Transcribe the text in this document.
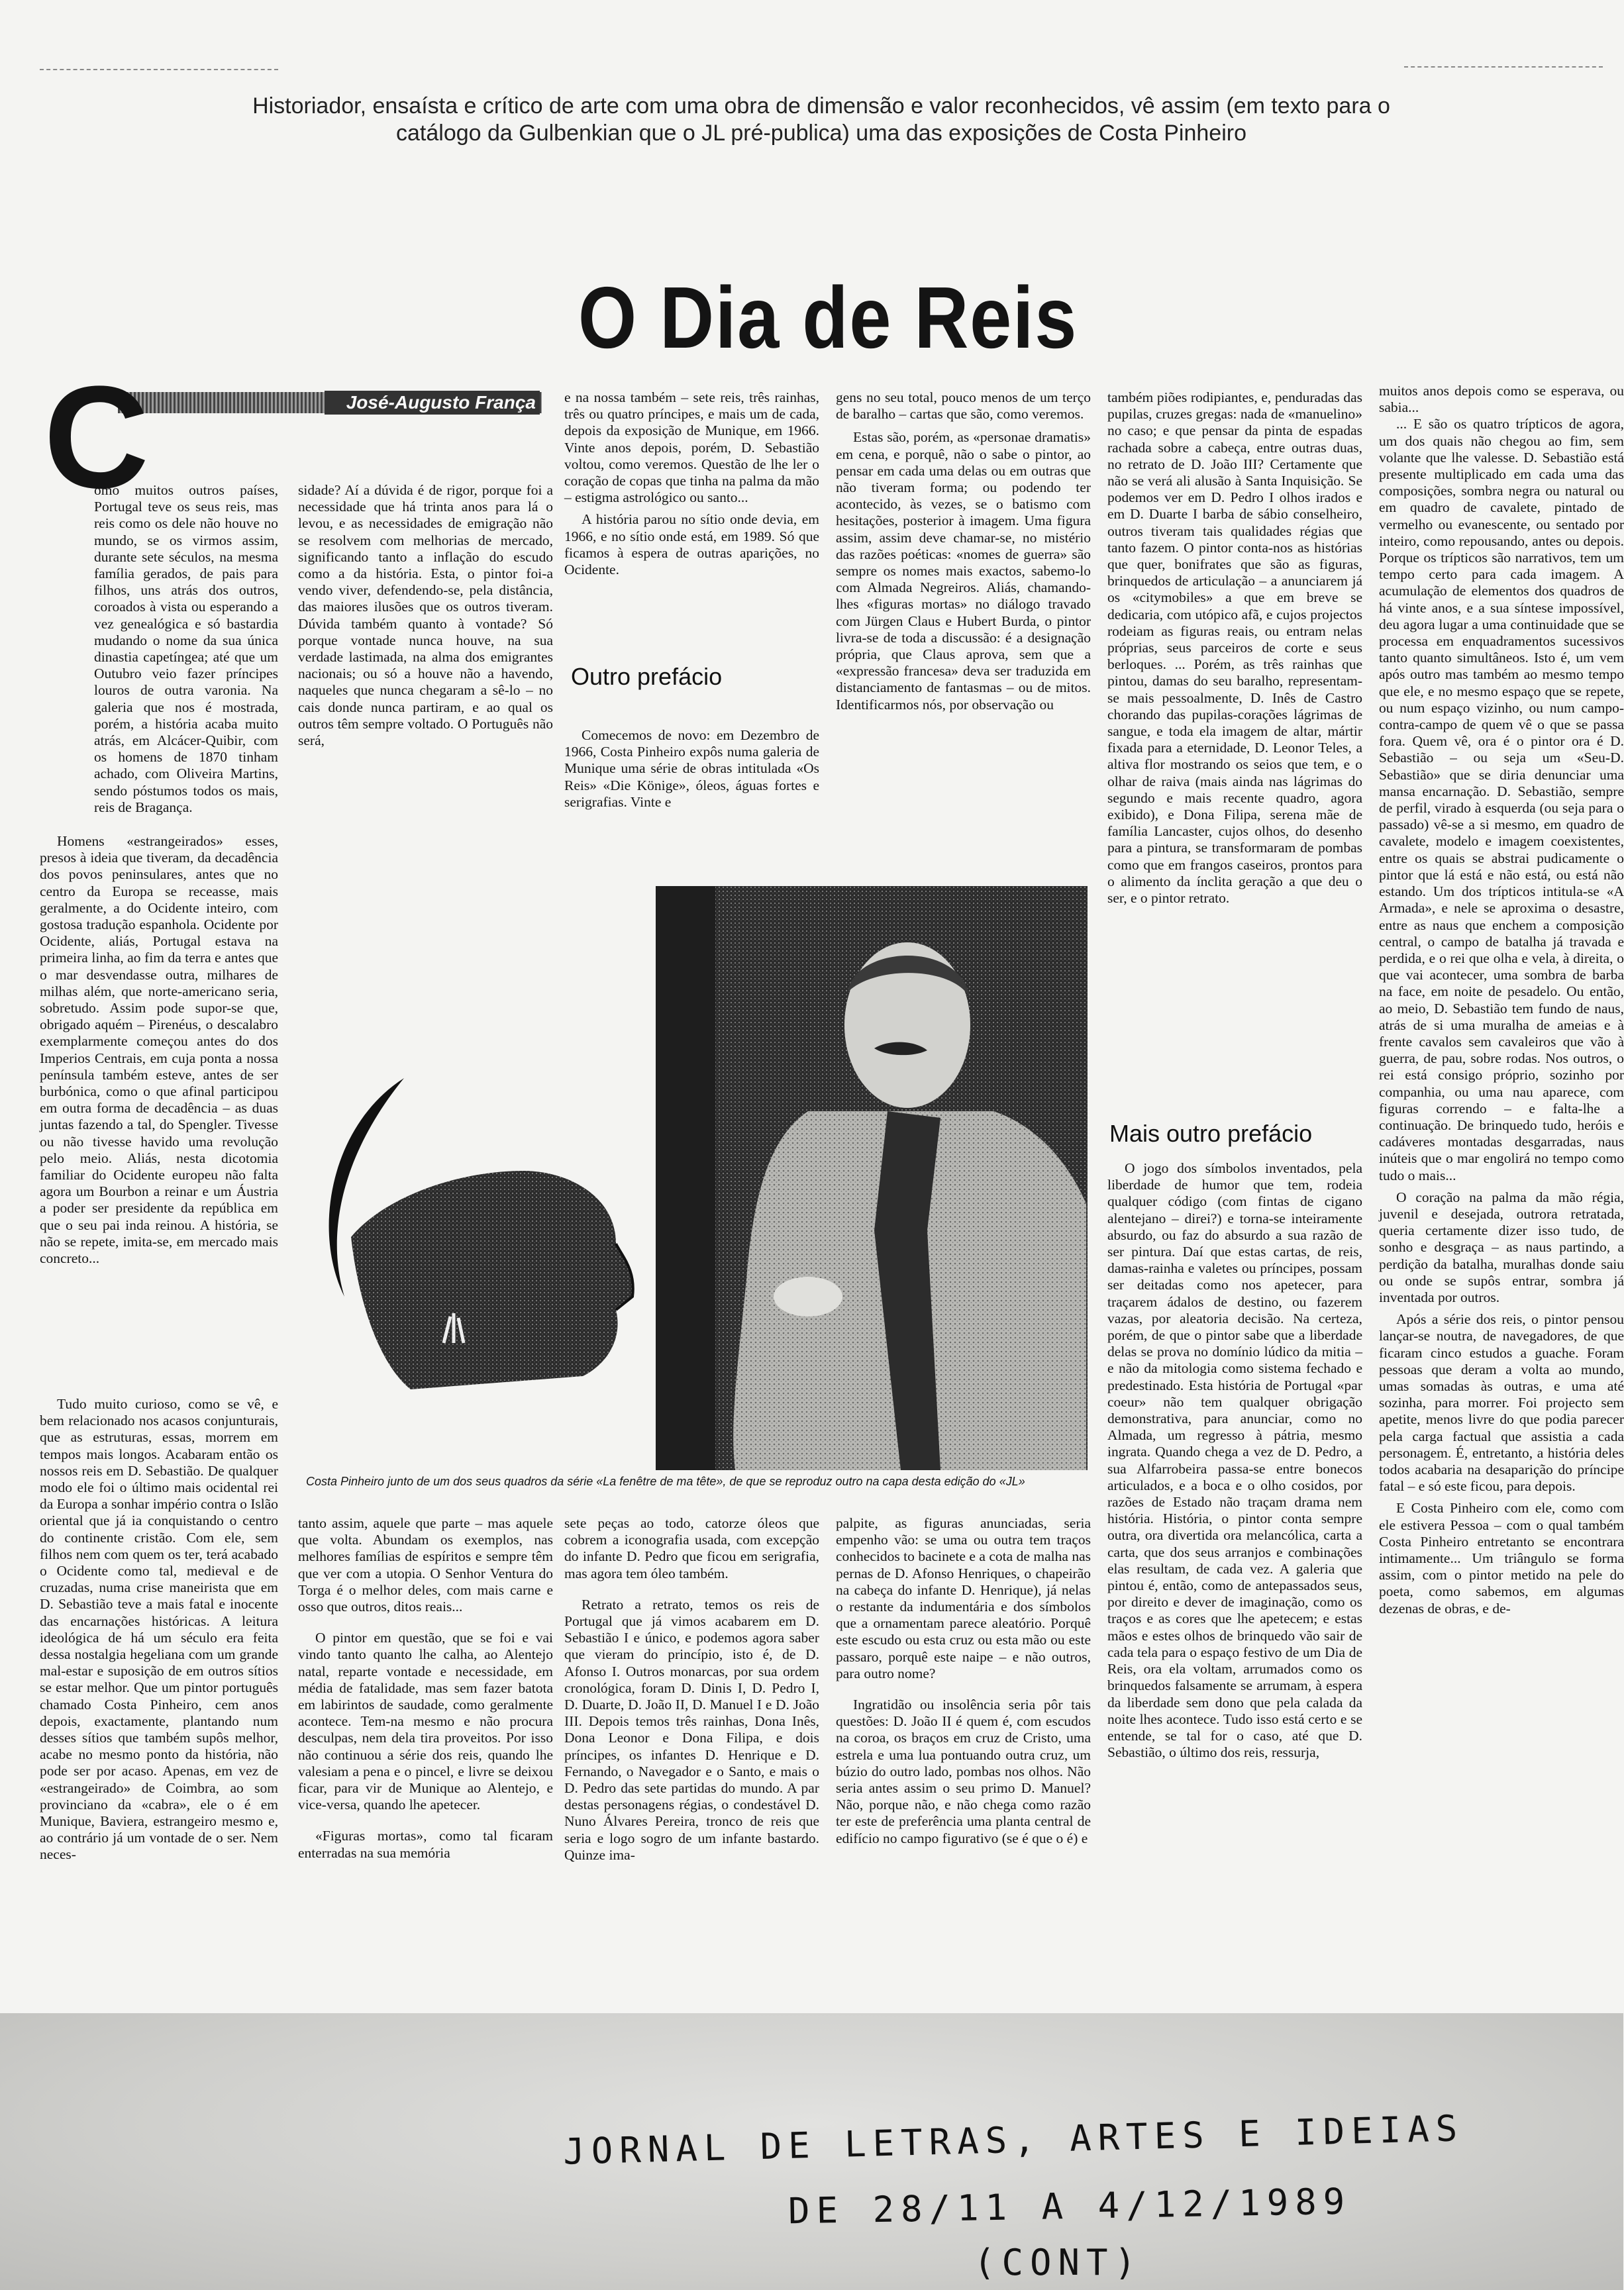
Historiador, ensaísta e crítico de arte com uma obra de dimensão e valor reconhecidos, vê assim (em texto para o catálogo da Gulbenkian que o JL pré-publica) uma das exposições de Costa Pinheiro
O Dia de Reis
José-Augusto França
C

omo muitos outros países, Portugal teve os seus reis, mas reis como os dele não houve no mundo, se os virmos assim, durante sete séculos, na mesma família gerados, de pais para filhos, uns atrás dos outros, coroados à vista ou esperando a vez genealógica e só bastardia mudando o nome da sua única dinastia capetíngea; até que um Outubro veio fazer príncipes louros de outra varonia. Na galeria que nos é mostrada, porém, a história acaba muito atrás, em Alcácer-Quibir, com os homens de 1870 tinham achado, com Oliveira Martins, sendo póstumos todos os mais, reis de Bragança.

Homens «estrangeirados» esses, presos à ideia que tiveram, da decadência dos povos peninsulares, antes que no centro da Europa se receasse, mais geralmente, a do Ocidente inteiro, com gostosa tradução espanhola. Ocidente por Ocidente, aliás, Portugal estava na primeira linha, ao fim da terra e antes que o mar desvendasse outra, milhares de milhas além, que norte-americano seria, sobretudo. Assim pode supor-se que, obrigado aquém – Pirenéus, o descalabro exemplarmente começou antes do dos Imperios Centrais, em cuja ponta a nossa península também esteve, antes de ser burbónica, como o que afinal participou em outra forma de decadência – as duas juntas fazendo a tal, do Spengler. Tivesse ou não tivesse havido uma revolução pelo meio. Aliás, nesta dicotomia familiar do Ocidente europeu não falta agora um Bourbon a reinar e um Áustria a poder ser presidente da república em que o seu pai inda reinou. A história, se não se repete, imita-se, em mercado mais concreto...

Tudo muito curioso, como se vê, e bem relacionado nos acasos conjunturais, que as estruturas, essas, morrem em tempos mais longos. Acabaram então os nossos reis em D. Sebastião. De qualquer modo ele foi o último mais ocidental rei da Europa a sonhar império contra o Islão oriental que já ia conquistando o centro do continente cristão. Com ele, sem filhos nem com quem os ter, terá acabado o Ocidente como tal, medieval e de cruzadas, numa crise maneirista que em D. Sebastião teve a mais fatal e inocente das encarnações históricas. A leitura ideológica de há um século era feita dessa nostalgia hegeliana com um grande mal-estar e suposição de em outros sítios se estar melhor. Que um pintor português chamado Costa Pinheiro, cem anos depois, exactamente, plantando num desses sítios que também supôs melhor, acabe no mesmo ponto da história, não pode ser por acaso. Apenas, em vez de «estrangeirado» de Coimbra, ao som provinciano da «cabra», ele o é em Munique, Baviera, estrangeiro mesmo e, ao contrário já um vontade de o ser. Nem neces-

sidade? Aí a dúvida é de rigor, porque foi a necessidade que há trinta anos para lá o levou, e as necessidades de emigração não se resolvem com melhorias de mercado, significando tanto a inflação do escudo como a da história. Esta, o pintor foi-a vendo viver, defendendo-se, pela distância, das maiores ilusões que os outros tiveram. Dúvida também quanto à vontade? Só porque vontade nunca houve, na sua verdade lastimada, na alma dos emigrantes nacionais; ou só a houve não a havendo, naqueles que nunca chegaram a sê-lo – no cais donde nunca partiram, e ao qual os outros têm sempre voltado. O Português não será,

tanto assim, aquele que parte – mas aquele que volta. Abundam os exemplos, nas melhores famílias de espíritos e sempre têm que ver com a utopia. O Senhor Ventura do Torga é o melhor deles, com mais carne e osso que outros, ditos reais...

O pintor em questão, que se foi e vai vindo tanto quanto lhe calha, ao Alentejo natal, reparte vontade e necessidade, em média de fatalidade, mas sem fazer batota em labirintos de saudade, como geralmente acontece. Tem-na mesmo e não procura desculpas, nem dela tira proveitos. Por isso não continuou a série dos reis, quando lhe valesiam a pena e o pincel, e livre se deixou ficar, para vir de Munique ao Alentejo, e vice-versa, quando lhe apetecer.

«Figuras mortas», como tal ficaram enterradas na sua memória

e na nossa também – sete reis, três rainhas, três ou quatro príncipes, e mais um de cada, depois da exposição de Munique, em 1966. Vinte anos depois, porém, D. Sebastião voltou, como veremos. Questão de lhe ler o coração de copas que tinha na palma da mão – estigma astrológico ou santo...

A história parou no sítio onde devia, em 1966, e no sítio onde está, em 1989. Só que ficamos à espera de outras aparições, no Ocidente.

Outro prefácio

Comecemos de novo: em Dezembro de 1966, Costa Pinheiro expôs numa galeria de Munique uma série de obras intitulada «Os Reis» «Die Könige», óleos, águas fortes e serigrafias. Vinte e

sete peças ao todo, catorze óleos que cobrem a iconografia usada, com excepção do infante D. Pedro que ficou em serigrafia, mas agora tem óleo também.

Retrato a retrato, temos os reis de Portugal que já vimos acabarem em D. Sebastião I e único, e podemos agora saber que vieram do princípio, isto é, de D. Afonso I. Outros monarcas, por sua ordem cronológica, foram D. Dinis I, D. Pedro I, D. Duarte, D. João II, D. Manuel I e D. João III. Depois temos três rainhas, Dona Inês, Dona Leonor e Dona Filipa, e dois príncipes, os infantes D. Henrique e D. Fernando, o Navegador e o Santo, e mais o D. Pedro das sete partidas do mundo. A par destas personagens régias, o condestável D. Nuno Álvares Pereira, tronco de reis que seria e logo sogro de um infante bastardo. Quinze ima-

gens no seu total, pouco menos de um terço de baralho – cartas que são, como veremos.

Estas são, porém, as «personae dramatis» em cena, e porquê, não o sabe o pintor, ao pensar em cada uma delas ou em outras que não tiveram forma; ou podendo ter acontecido, às vezes, se o batismo com hesitações, posterior à imagem. Uma figura assim, assim deve chamar-se, no mistério das razões poéticas: «nomes de guerra» são sempre os nomes mais exactos, sabemo-lo com Almada Negreiros. Aliás, chamando-lhes «figuras mortas» no diálogo travado com Jürgen Claus e Hubert Burda, o pintor livra-se de toda a discussão: é a designação própria, que Claus aprova, sem que a «expressão francesa» deva ser traduzida em distanciamento de fantasmas – ou de mitos. Identificarmos nós, por observação ou

palpite, as figuras anunciadas, seria empenho vão: se uma ou outra tem traços conhecidos to bacinete e a cota de malha nas pernas de D. Afonso Henriques, o chapeirão na cabeça do infante D. Henrique), já nelas o restante da indumentária e dos símbolos que a ornamentam parece aleatório. Porquê este escudo ou esta cruz ou esta mão ou este passaro, porquê este naipe – e não outros, para outro nome?

Ingratidão ou insolência seria pôr tais questões: D. João II é quem é, com escudos na coroa, os braços em cruz de Cristo, uma estrela e uma lua pontuando outra cruz, um búzio do outro lado, pombas nos olhos. Não seria antes assim o seu primo D. Manuel? Não, porque não, e não chega como razão ter este de preferência uma planta central de edifício no campo figurativo (se é que o é) e

também piões rodipiantes, e, penduradas das pupilas, cruzes gregas: nada de «manuelino» no caso; e que pensar da pinta de espadas rachada sobre a cabeça, entre outras duas, no retrato de D. João III? Certamente que não se verá ali alusão à Santa Inquisição. Se podemos ver em D. Pedro I olhos irados e em D. Duarte I barba de sábio conselheiro, outros tiveram tais qualidades régias que tanto fazem. O pintor conta-nos as histórias que quer, bonifrates que são as figuras, brinquedos de articulação – a anunciarem já os «citymobiles» a que em breve se dedicaria, com utópico afã, e cujos projectos rodeiam as figuras reais, ou entram nelas próprias, seus parceiros de corte e seus berloques. ... Porém, as três rainhas que pintou, damas do seu baralho, representam-se mais pessoalmente, D. Inês de Castro chorando das pupilas-corações lágrimas de sangue, e toda ela imagem de altar, mártir fixada para a eternidade, D. Leonor Teles, a altiva flor mostrando os seios que tem, e o olhar de raiva (mais ainda nas lágrimas do segundo e mais recente quadro, agora exibido), e Dona Filipa, serena mãe de família Lancaster, cujos olhos, do desenho para a pintura, se transformaram de pombas como que em frangos caseiros, prontos para o alimento da ínclita geração a que deu o ser, e o pintor retrato.

Mais outro prefácio

O jogo dos símbolos inventados, pela liberdade de humor que tem, rodeia qualquer código (com fintas de cigano alentejano – direi?) e torna-se inteiramente absurdo, ou faz do absurdo a sua razão de ser pintura. Daí que estas cartas, de reis, damas-rainha e valetes ou príncipes, possam ser deitadas como nos apetecer, para traçarem ádalos de destino, ou fazerem vazas, por aleatoria decisão. Na certeza, porém, de que o pintor sabe que a liberdade delas se prova no domínio lúdico da mitia – e não da mitologia como sistema fechado e predestinado. Esta história de Portugal «par coeur» não tem qualquer obrigação demonstrativa, para anunciar, como no Almada, um regresso à pátria, mesmo ingrata. Quando chega a vez de D. Pedro, a sua Alfarrobeira passa-se entre bonecos articulados, e a boca e o olho cosidos, por razões de Estado não traçam drama nem história. História, o pintor conta sempre outra, ora divertida ora melancólica, carta a carta, que dos seus arranjos e combinações elas resultam, de cada vez. A galeria que pintou é, então, como de antepassados seus, por direito e dever de imaginação, como os traços e as cores que lhe apetecem; e estas mãos e estes olhos de brinquedo vão sair de cada tela para o espaço festivo de um Dia de Reis, ora ela voltam, arrumados como os brinquedos falsamente se arrumam, à espera da liberdade sem dono que pela calada da noite lhes acontece. Tudo isso está certo e se entende, se tal for o caso, até que D. Sebastião, o último dos reis, ressurja,

muitos anos depois como se esperava, ou sabia...

... E são os quatro trípticos de agora, um dos quais não chegou ao fim, sem volante que lhe valesse. D. Sebastião está presente multiplicado em cada uma das composições, sombra negra ou natural ou em quadro de cavalete, pintado de vermelho ou evanescente, ou sentado por inteiro, como repousando, antes ou depois. Porque os trípticos são narrativos, tem um tempo certo para cada imagem. A acumulação de elementos dos quadros de há vinte anos, e a sua síntese impossível, deu agora lugar a uma continuidade que se processa em enquadramentos sucessivos tanto quanto simultâneos. Isto é, um vem após outro mas também ao mesmo tempo que ele, e no mesmo espaço que se repete, ou num espaço vizinho, ou num campo-contra-campo de quem vê o que se passa fora. Quem vê, ora é o pintor ora é D. Sebastião – ou seja um «Seu-D. Sebastião» que se diria denunciar uma mansa encarnação. D. Sebastião, sempre de perfil, virado à esquerda (ou seja para o passado) vê-se a si mesmo, em quadro de cavalete, modelo e imagem coexistentes, entre os quais se abstrai pudicamente o pintor que lá está e não está, ou está não estando. Um dos trípticos intitula-se «A Armada», e nele se aproxima o desastre, entre as naus que enchem a composição central, o campo de batalha já travada e perdida, e o rei que olha e vela, à direita, o que vai acontecer, uma sombra de barba na face, em noite de pesadelo. Ou então, ao meio, D. Sebastião tem fundo de naus, atrás de si uma muralha de ameias e à frente cavalos sem cavaleiros que vão à guerra, de pau, sobre rodas. Nos outros, o rei está consigo próprio, sozinho por companhia, ou uma nau aparece, com figuras correndo – e falta-lhe a continuação. De brinquedo tudo, heróis e cadáveres montadas desgarradas, naus inúteis que o mar engolirá no tempo como tudo o mais...

O coração na palma da mão régia, juvenil e desejada, outrora retratada, queria certamente dizer isso tudo, de sonho e desgraça – as naus partindo, a perdição da batalha, muralhas donde saiu ou onde se supôs entrar, sombra já inventada por outros.

Após a série dos reis, o pintor pensou lançar-se noutra, de navegadores, de que ficaram cinco estudos a guache. Foram pessoas que deram a volta ao mundo, umas somadas às outras, e uma até sozinha, para morrer. Foi projecto sem apetite, menos livre do que podia parecer pela carga factual que assistia a cada personagem. É, entretanto, a história deles todos acabaria na desaparição do príncipe fatal – e só este ficou, para depois.

E Costa Pinheiro com ele, como com ele estivera Pessoa – com o qual também Costa Pinheiro entretanto se encontrara intimamente... Um triângulo se forma assim, com o pintor metido na pele do poeta, como sabemos, em algumas dezenas de obras, e de-

Costa Pinheiro junto de um dos seus quadros da série «La fenêtre de ma tête», de que se reproduz outro na capa desta edição do «JL»
JORNAL DE LETRAS, ARTES E IDEIAS
DE 28/11 A 4/12/1989
(CONT)
